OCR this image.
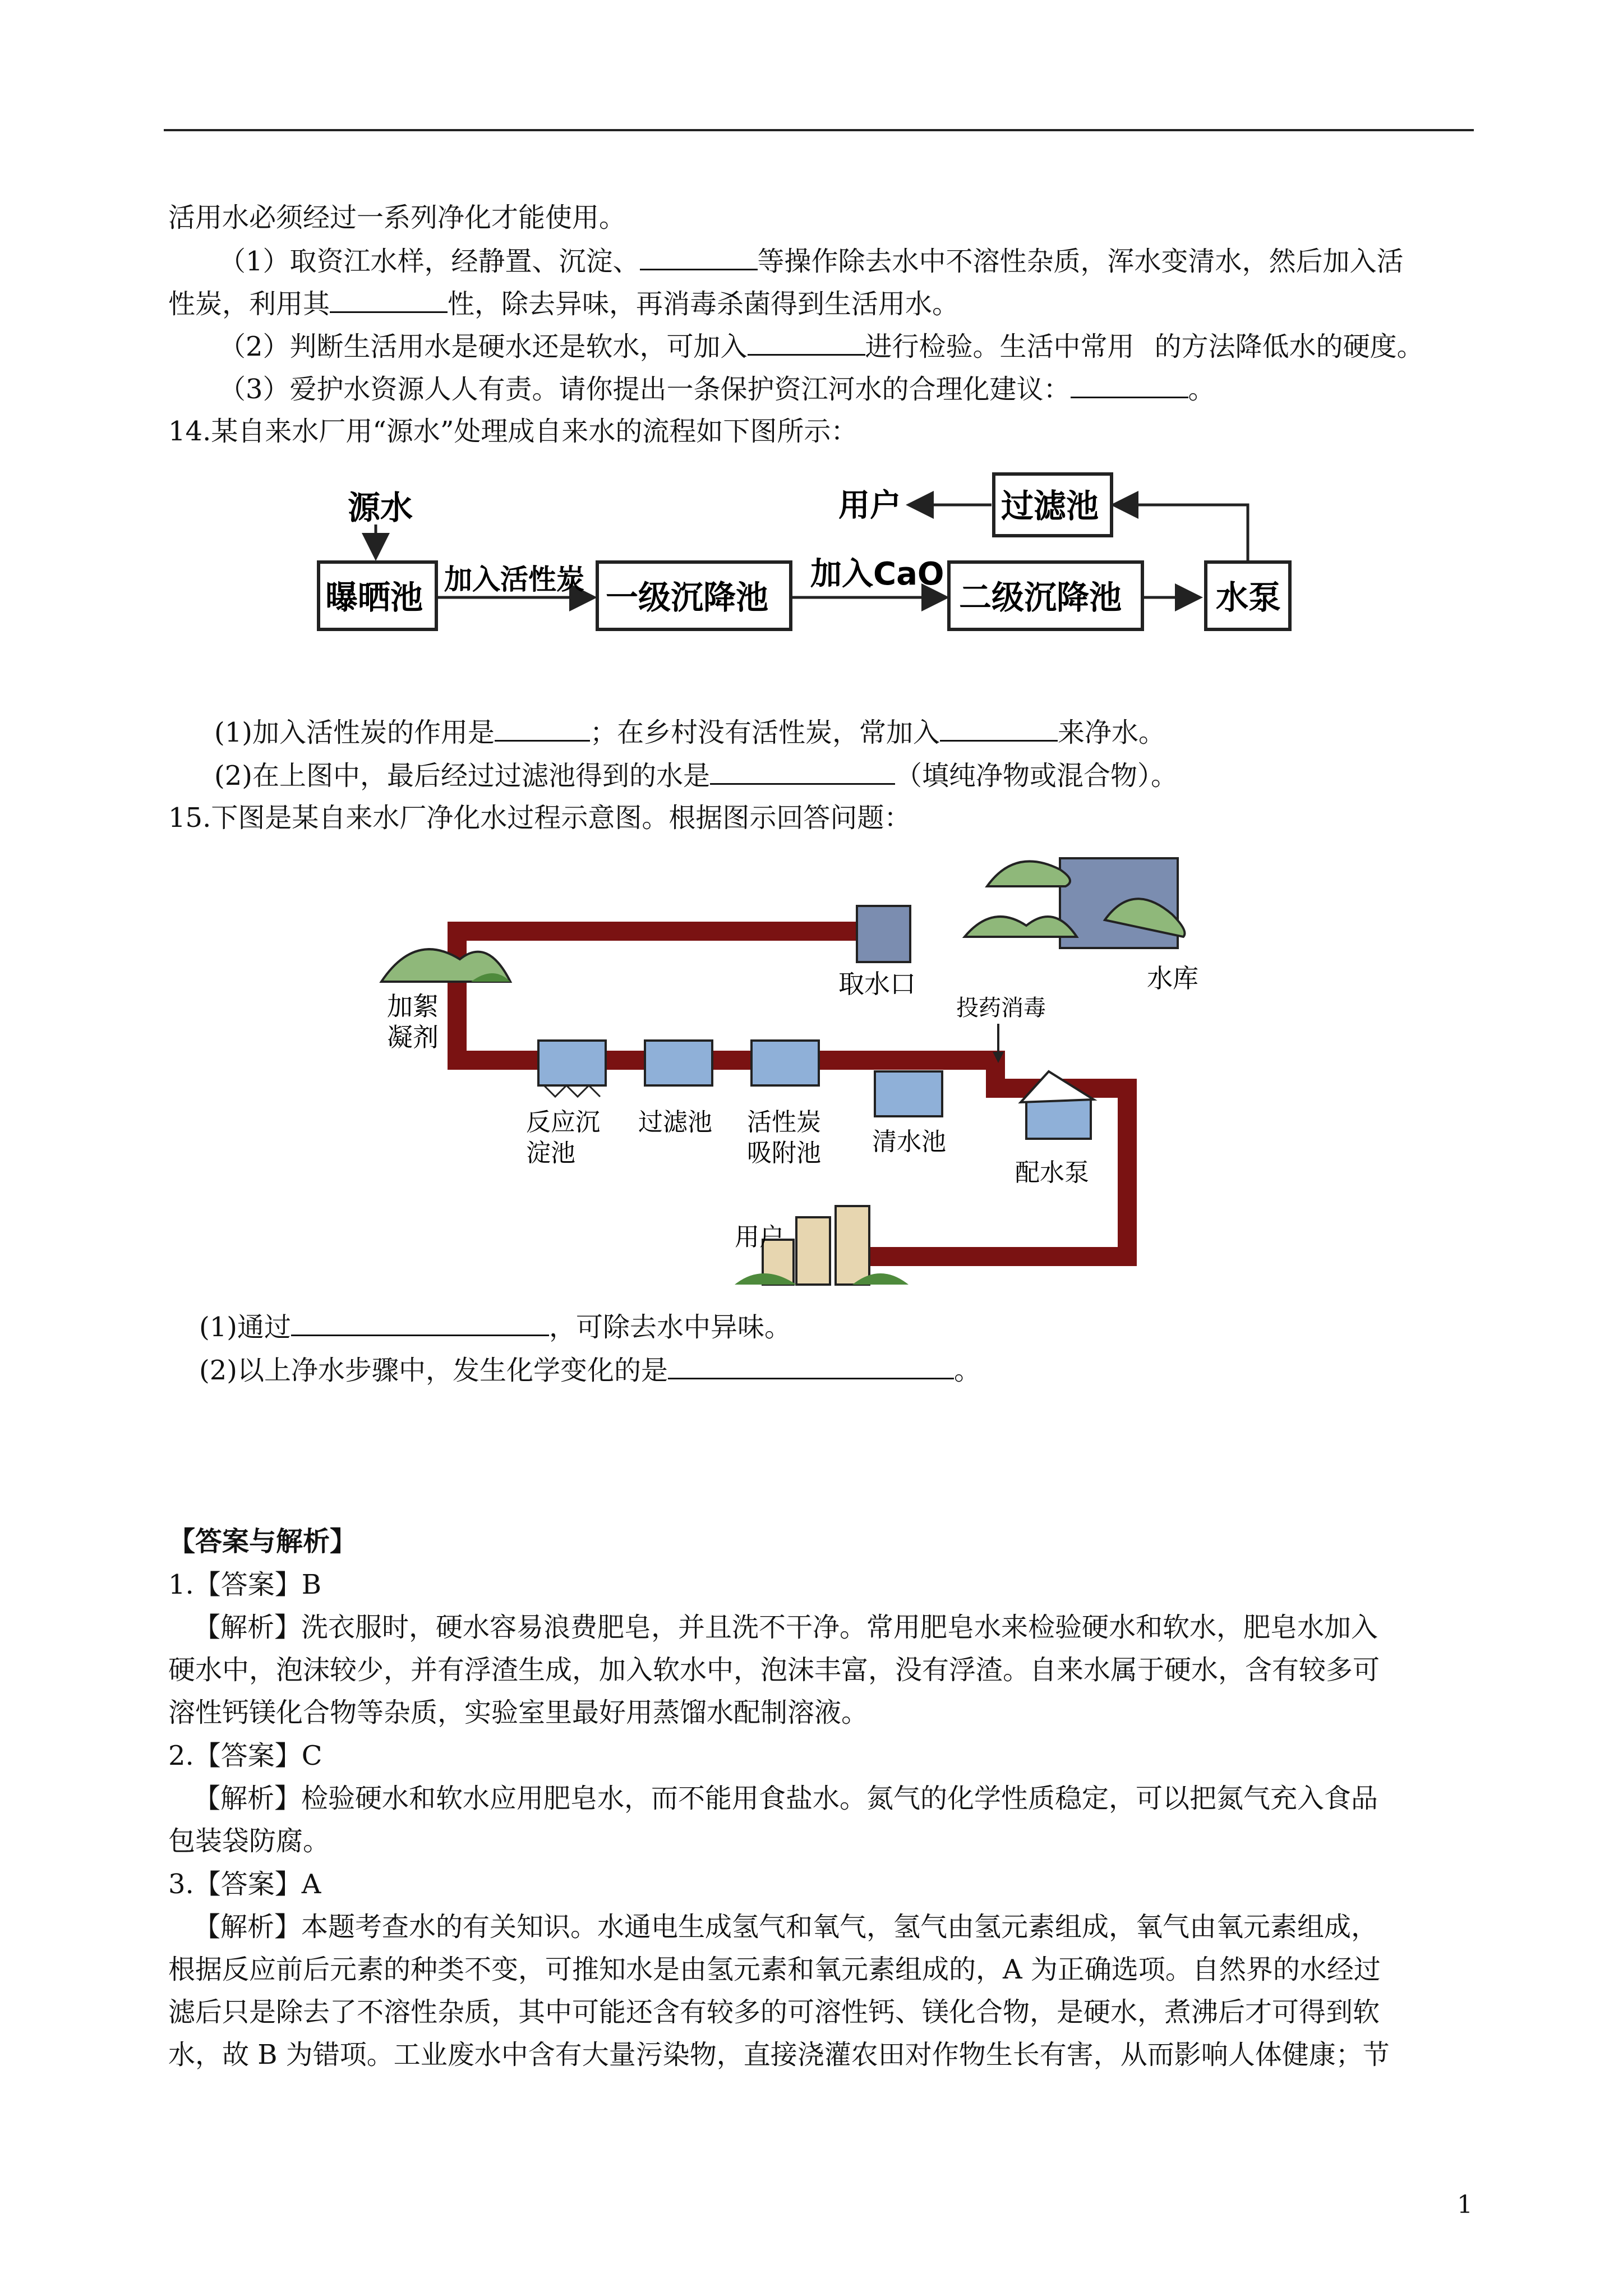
活用水必须经过一系列净化才能使用。
（1）取资江水样，经静置、沉淀、	等操作除去水中不溶性杂质，浑水变清水，然后加入活
性炭，利用其	性，除去异味，再消毒杀菌得到生活用水。
（2）判断生活用水是硬水还是软水，可加入	进行检验。生活中常用 的方法降低水的硬度。
（3）爱护水资源人人有责。请你提出一条保护资江河水的合理化建议：	。
14.某自来水厂用“源水”处理成自来水的流程如下图所示：
源水
曝晒池 加入活性炭 一级沉降池
加入CaO
二级沉降池	水泵
过滤池
用户
(1)加入活性炭的作用是	；在乡村没有活性炭，常加入	来净水。
(2)在上图中，最后经过过滤池得到的水是	（填纯净物或混合物）。
15.下图是某自来水厂净化水过程示意图。根据图示回答问题：
取水口	水库
加絮
凝剂
反应沉
淀池
过滤池 活性炭
吸附池 清水池
投药消毒
配水泵
用户
(1)通过	，可除去水中异味。
(2)以上净水步骤中，发生化学变化的是	。
【答案与解析】
1.【答案】B
【解析】洗衣服时，硬水容易浪费肥皂，并且洗不干净。常用肥皂水来检验硬水和软水，肥皂水加入
硬水中，泡沫较少，并有浮渣生成，加入软水中，泡沫丰富，没有浮渣。自来水属于硬水，含有较多可
溶性钙镁化合物等杂质，实验室里最好用蒸馏水配制溶液。
2.【答案】C
【解析】检验硬水和软水应用肥皂水，而不能用食盐水。氮气的化学性质稳定，可以把氮气充入食品
包装袋防腐。
3.【答案】A
【解析】本题考查水的有关知识。水通电生成氢气和氧气，氢气由氢元素组成，氧气由氧元素组成，
根据反应前后元素的种类不变，可推知水是由氢元素和氧元素组成的，A 为正确选项。自然界的水经过
滤后只是除去了不溶性杂质，其中可能还含有较多的可溶性钙、镁化合物，是硬水，煮沸后才可得到软
水，故 B 为错项。工业废水中含有大量污染物，直接浇灌农田对作物生长有害，从而影响人体健康；节
1
